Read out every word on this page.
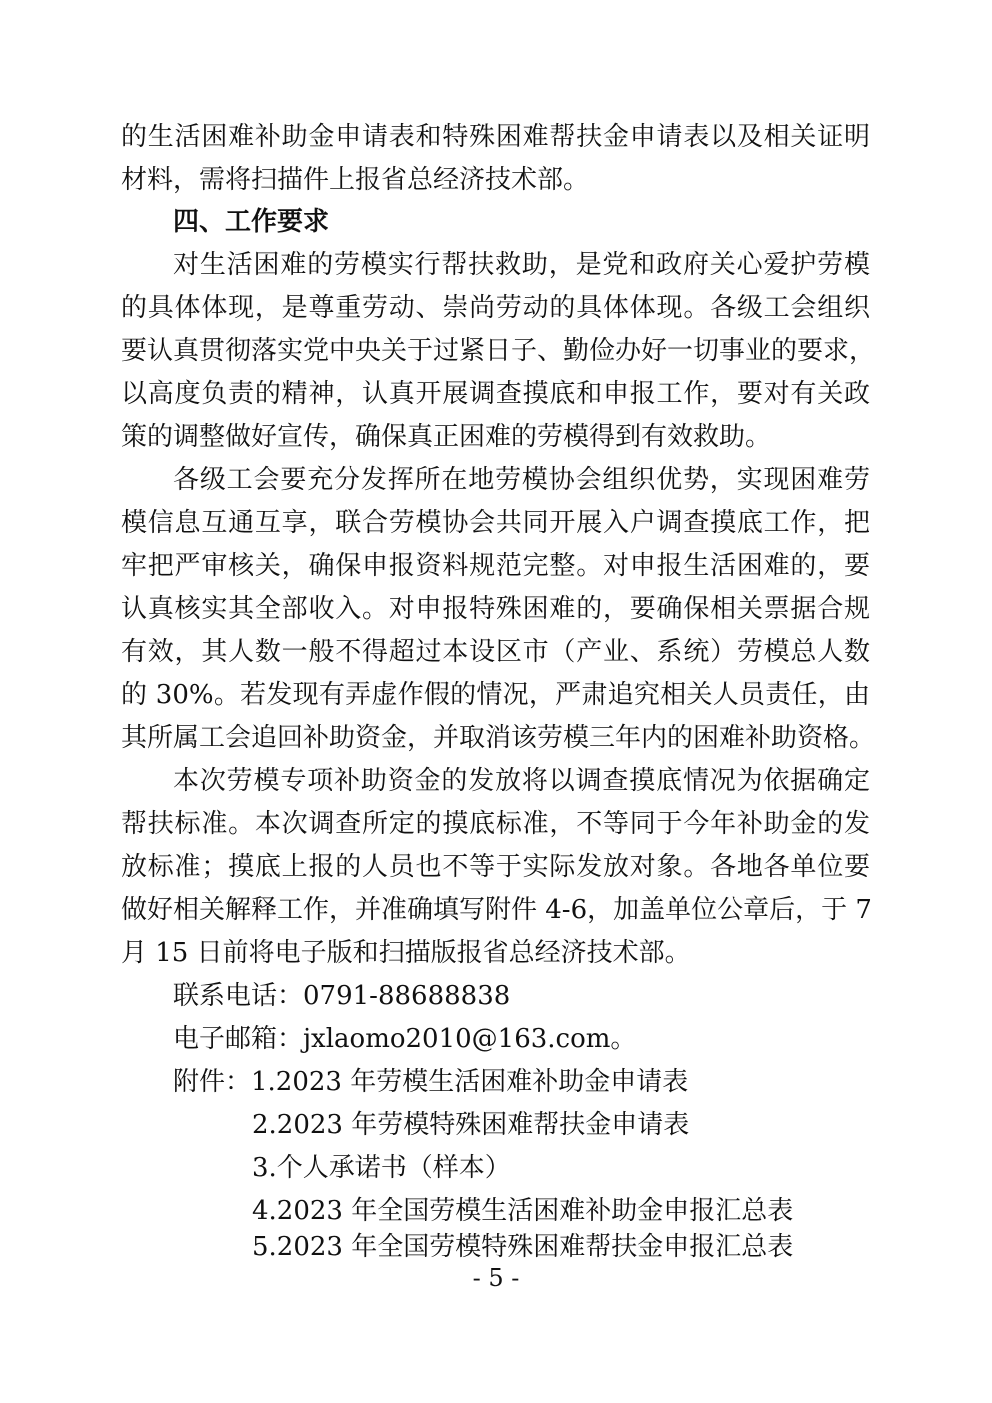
的生活困难补助金申请表和特殊困难帮扶金申请表以及相关证明

材料，需将扫描件上报省总经济技术部。

四、工作要求

对生活困难的劳模实行帮扶救助，是党和政府关心爱护劳模

的具体体现，是尊重劳动、崇尚劳动的具体体现。各级工会组织

要认真贯彻落实党中央关于过紧日子、勤俭办好一切事业的要求，

以高度负责的精神，认真开展调查摸底和申报工作，要对有关政

策的调整做好宣传，确保真正困难的劳模得到有效救助。

各级工会要充分发挥所在地劳模协会组织优势，实现困难劳

模信息互通互享，联合劳模协会共同开展入户调查摸底工作，把

牢把严审核关，确保申报资料规范完整。对申报生活困难的，要

认真核实其全部收入。对申报特殊困难的，要确保相关票据合规

有效，其人数一般不得超过本设区市（产业、系统）劳模总人数

的 30%。若发现有弄虚作假的情况，严肃追究相关人员责任，由

其所属工会追回补助资金，并取消该劳模三年内的困难补助资格。

本次劳模专项补助资金的发放将以调查摸底情况为依据确定

帮扶标准。本次调查所定的摸底标准，不等同于今年补助金的发

放标准；摸底上报的人员也不等于实际发放对象。各地各单位要

做好相关解释工作，并准确填写附件 4-6，加盖单位公章后，于 7

月 15 日前将电子版和扫描版报省总经济技术部。

联系电话：0791-88688838

电子邮箱：jxlaomo2010@163.com。

附件：1.2023 年劳模生活困难补助金申请表

2.2023 年劳模特殊困难帮扶金申请表

3.个人承诺书（样本）

4.2023 年全国劳模生活困难补助金申报汇总表

5.2023 年全国劳模特殊困难帮扶金申报汇总表

- 5 -
